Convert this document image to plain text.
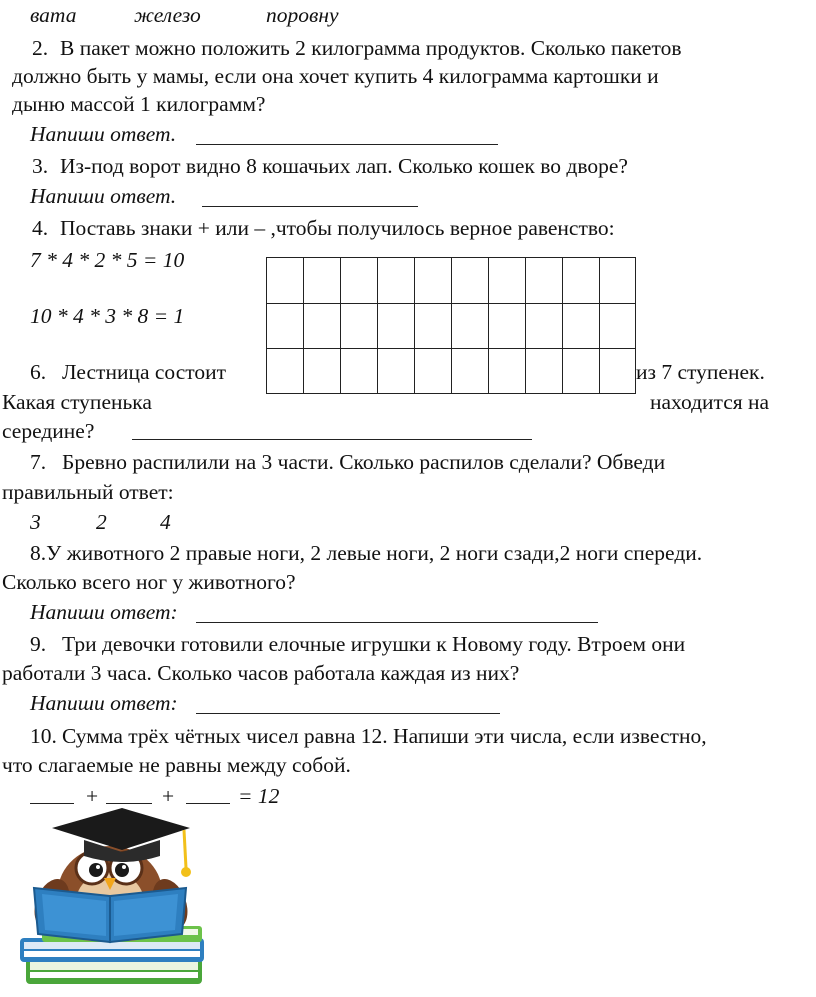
вата	железо	поровну
2. В пакет можно положить 2 килограмма продуктов. Сколько пакетов
должно быть у мамы, если она хочет купить 4 килограмма картошки и
дыню массой 1 килограмм?
Напиши ответ.
3. Из-под ворот видно 8 кошачьих лап. Сколько кошек во дворе?
Напиши ответ.
4. Поставь знаки + или – ,чтобы получилось верное равенство:
7 * 4 * 2 * 5 = 10
10 * 4 * 3 * 8 = 1
6. Лестница состоит	из 7 ступенек.
Какая ступенька	находится на
середине?
7. Бревно распилили на 3 части. Сколько распилов сделали? Обведи
правильный ответ:
3	2 4
8.У животного 2 правые ноги, 2 левые ноги, 2 ноги сзади,2 ноги спереди.
Сколько всего ног у животного?
Напиши ответ:
9. Три девочки готовили елочные игрушки к Новому году. Втроем они
работали 3 часа. Сколько часов работала каждая из них?
Напиши ответ:
10. Сумма трёх чётных чисел равна 12. Напиши эти числа, если известно,
что слагаемые не равны между собой.
+	+	= 12
